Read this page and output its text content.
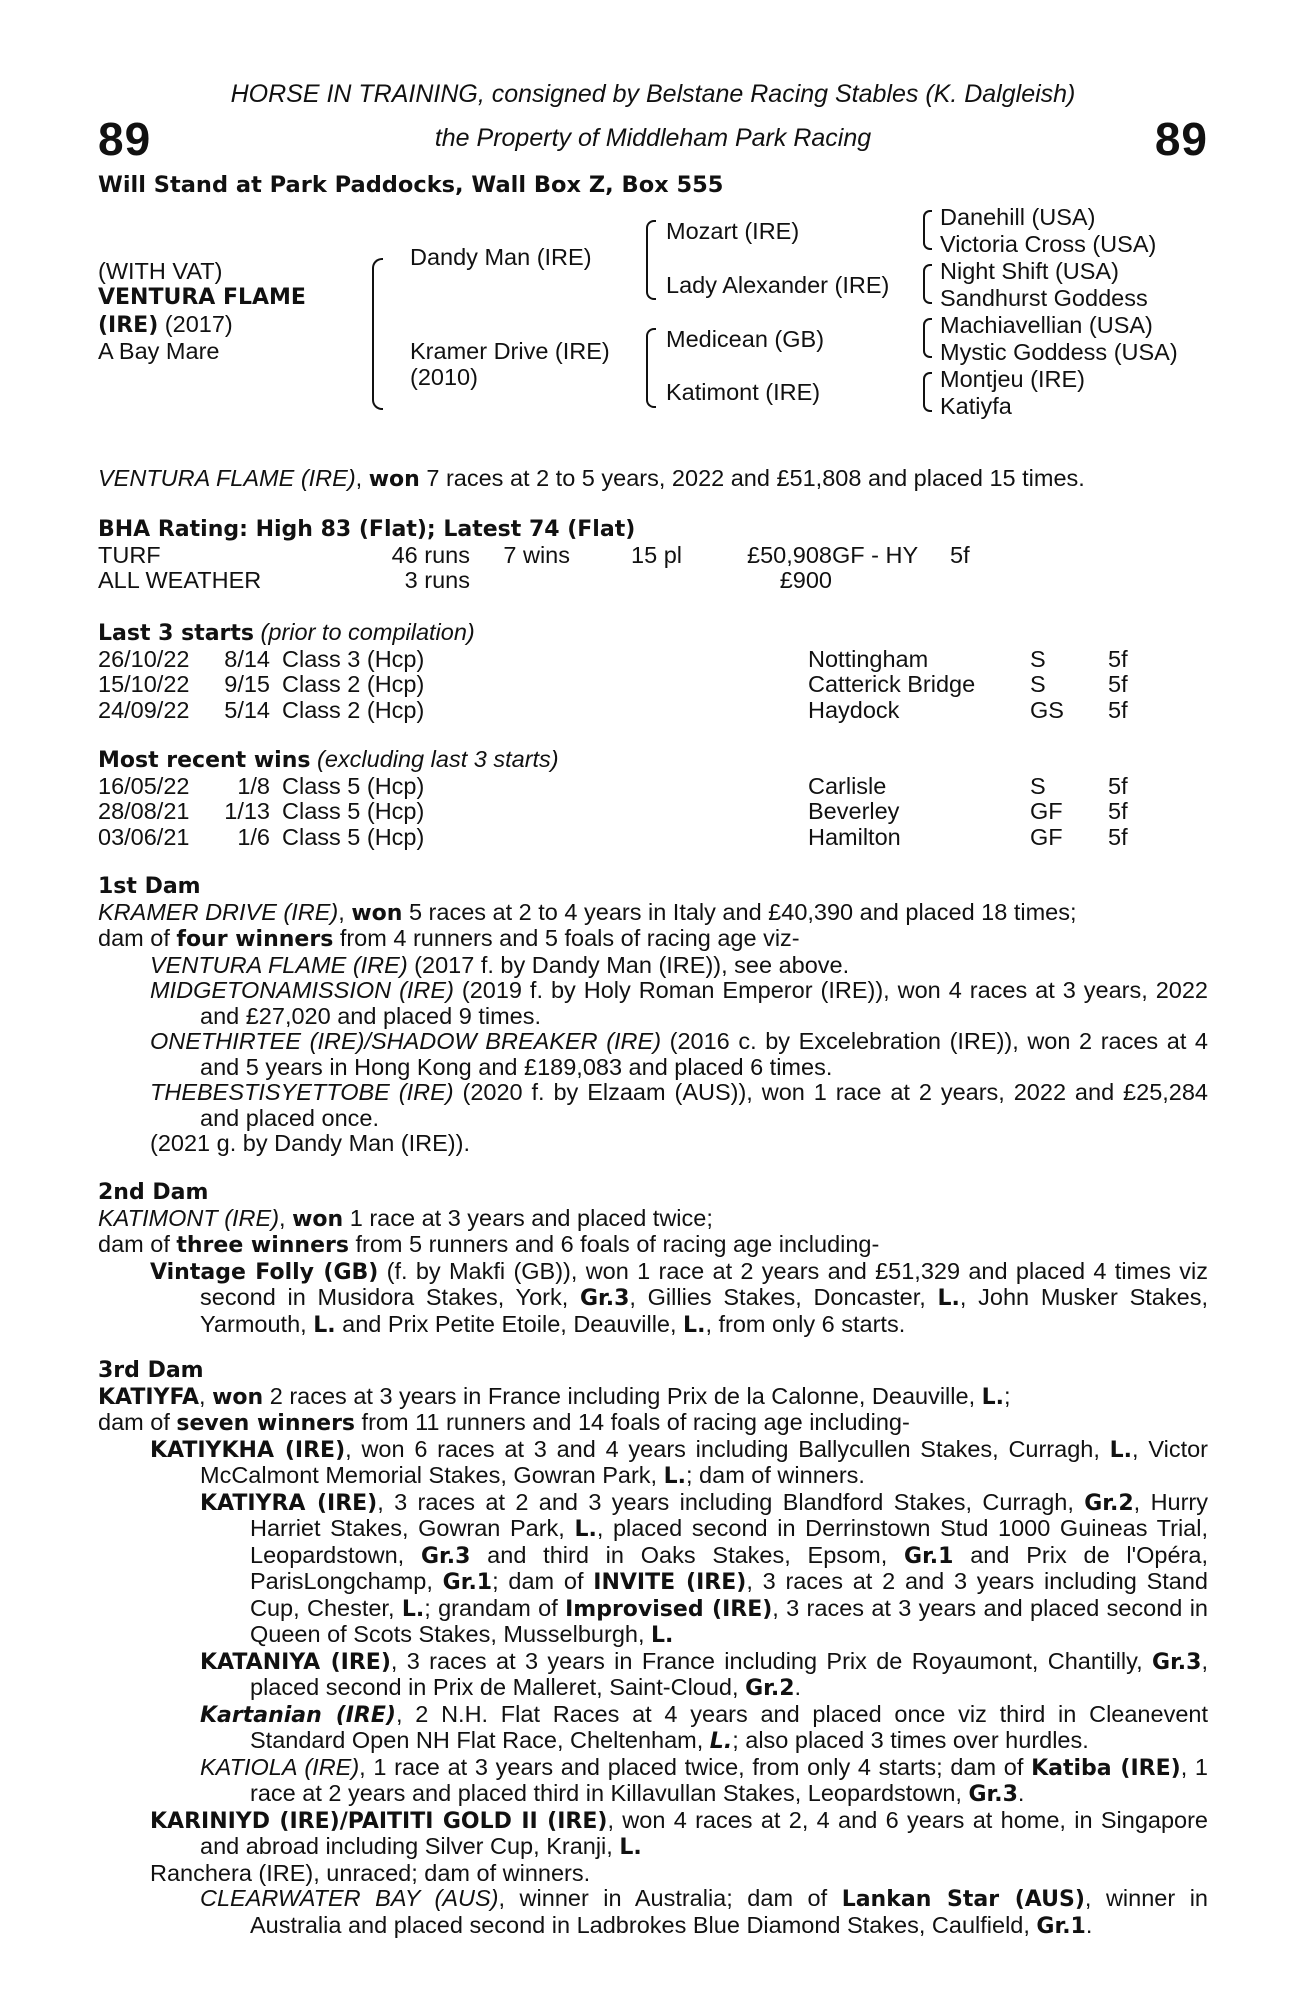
89	89
HORSE IN TRAINING, consigned by Belstane Racing Stables (K. Dalgleish)
the Property of Middleham Park Racing
Will Stand at Park Paddocks, Wall Box Z, Box 555
(WITH VAT)
VENTURA FLAME
(IRE) (2017)
A Bay Mare
Dandy Man (IRE)
Kramer Drive (IRE)
(2010)
Mozart (IRE)
Lady Alexander (IRE)
Medicean (GB)
Katimont (IRE)
Danehill (USA)
Victoria Cross (USA)
Night Shift (USA)
Sandhurst Goddess
Machiavellian (USA)
Mystic Goddess (USA)
Montjeu (IRE)
Katiyfa

VENTURA FLAME (IRE), won 7 races at 2 to 5 years, 2022 and £51,808 and placed 15 times.

BHA Rating: High 83 (Flat); Latest 74 (Flat)

TURF	46 runs	7 wins	15 pl	£50,908	GF - HY	5f
ALL WEATHER	3 runs			£900		

Last 3 starts (prior to compilation)

26/10/22	8/14	Class 3 (Hcp)	Nottingham	S	5f
15/10/22	9/15	Class 2 (Hcp)	Catterick Bridge	S	5f
24/09/22	5/14	Class 2 (Hcp)	Haydock	GS	5f

Most recent wins (excluding last 3 starts)

16/05/22	1/8	Class 5 (Hcp)	Carlisle	S	5f
28/08/21	1/13	Class 5 (Hcp)	Beverley	GF	5f
03/06/21	1/6	Class 5 (Hcp)	Hamilton	GF	5f

1st Dam

KRAMER DRIVE (IRE), won 5 races at 2 to 4 years in Italy and £40,390 and placed 18 times;

dam of four winners from 4 runners and 5 foals of racing age viz-

VENTURA FLAME (IRE) (2017 f. by Dandy Man (IRE)), see above.

MIDGETONAMISSION (IRE) (2019 f. by Holy Roman Emperor (IRE)), won 4 races at 3 years, 2022 and £27,020 and placed 9 times.

ONETHIRTEE (IRE)/SHADOW BREAKER (IRE) (2016 c. by Excelebration (IRE)), won 2 races at 4 and 5 years in Hong Kong and £189,083 and placed 6 times.

THEBESTISYETTOBE (IRE) (2020 f. by Elzaam (AUS)), won 1 race at 2 years, 2022 and £25,284 and placed once.

(2021 g. by Dandy Man (IRE)).

2nd Dam

KATIMONT (IRE), won 1 race at 3 years and placed twice;

dam of three winners from 5 runners and 6 foals of racing age including-

Vintage Folly (GB) (f. by Makfi (GB)), won 1 race at 2 years and £51,329 and placed 4 times viz second in Musidora Stakes, York, Gr.3, Gillies Stakes, Doncaster, L., John Musker Stakes, Yarmouth, L. and Prix Petite Etoile, Deauville, L., from only 6 starts.

3rd Dam

KATIYFA, won 2 races at 3 years in France including Prix de la Calonne, Deauville, L.;

dam of seven winners from 11 runners and 14 foals of racing age including-

KATIYKHA (IRE), won 6 races at 3 and 4 years including Ballycullen Stakes, Curragh, L., Victor McCalmont Memorial Stakes, Gowran Park, L.; dam of winners.

KATIYRA (IRE), 3 races at 2 and 3 years including Blandford Stakes, Curragh, Gr.2, Hurry Harriet Stakes, Gowran Park, L., placed second in Derrinstown Stud 1000 Guineas Trial, Leopardstown, Gr.3 and third in Oaks Stakes, Epsom, Gr.1 and Prix de l'Opéra, ParisLongchamp, Gr.1; dam of INVITE (IRE), 3 races at 2 and 3 years including Stand Cup, Chester, L.; grandam of Improvised (IRE), 3 races at 3 years and placed second in Queen of Scots Stakes, Musselburgh, L.

KATANIYA (IRE), 3 races at 3 years in France including Prix de Royaumont, Chantilly, Gr.3, placed second in Prix de Malleret, Saint-Cloud, Gr.2.

Kartanian (IRE), 2 N.H. Flat Races at 4 years and placed once viz third in Cleanevent Standard Open NH Flat Race, Cheltenham, L.; also placed 3 times over hurdles.

KATIOLA (IRE), 1 race at 3 years and placed twice, from only 4 starts; dam of Katiba (IRE), 1 race at 2 years and placed third in Killavullan Stakes, Leopardstown, Gr.3.

KARINIYD (IRE)/PAITITI GOLD II (IRE), won 4 races at 2, 4 and 6 years at home, in Singapore and abroad including Silver Cup, Kranji, L.

Ranchera (IRE), unraced; dam of winners.

CLEARWATER BAY (AUS), winner in Australia; dam of Lankan Star (AUS), winner in Australia and placed second in Ladbrokes Blue Diamond Stakes, Caulfield, Gr.1.
